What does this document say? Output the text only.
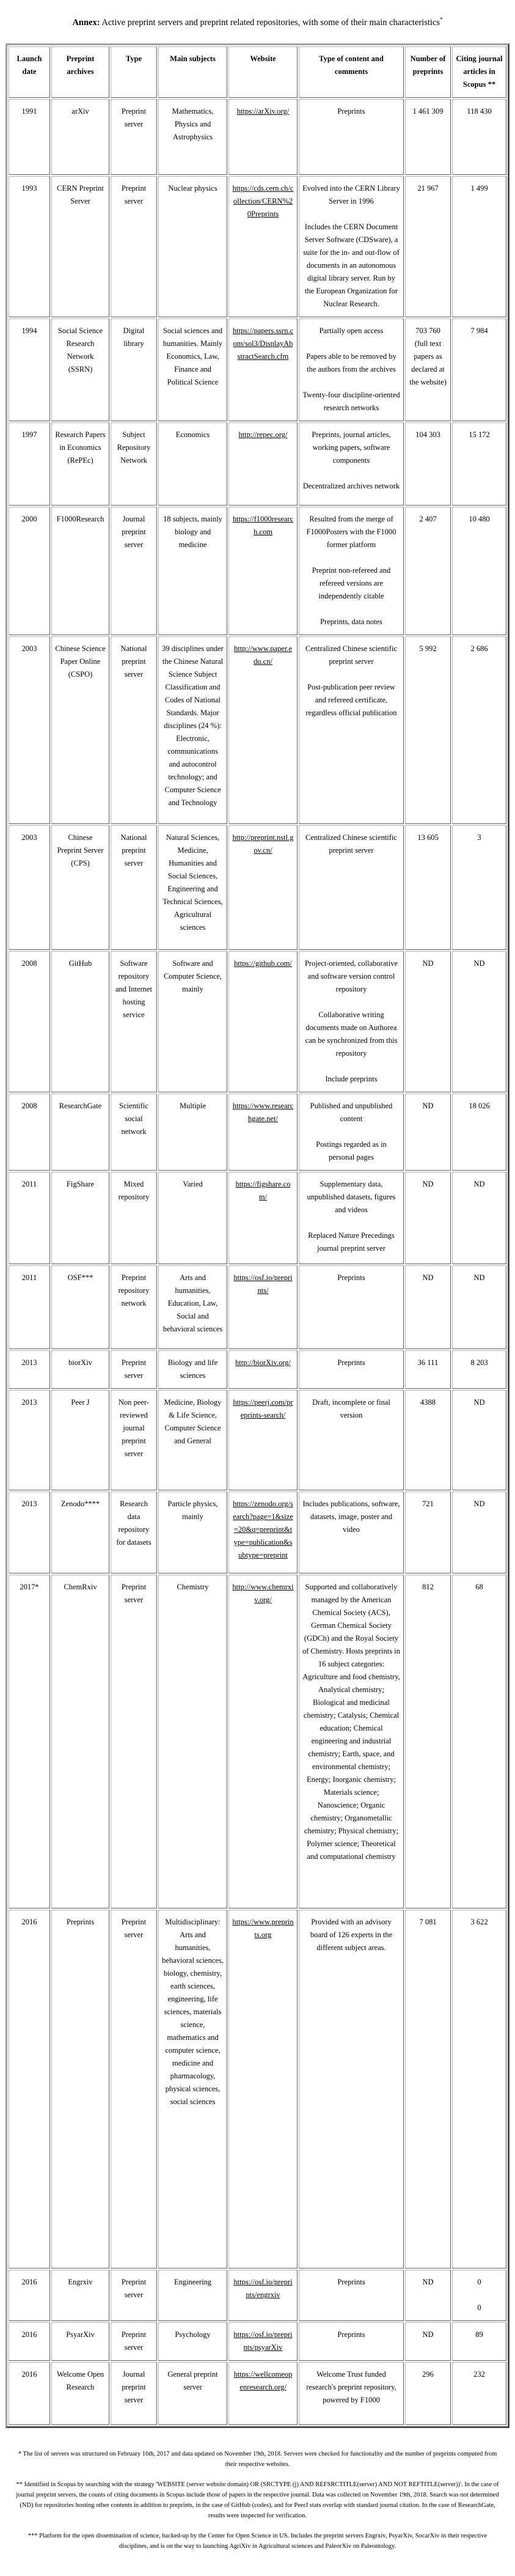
Annex: Active preprint servers and preprint related repositories, with some of their main characteristics*
Launch date	Preprint archives	Type	Main subjects	Website	Type of content and comments	Number of preprints	Citing journal articles in Scopus **
1991	arXiv	Preprint server	Mathematics, Physics and Astrophysics	https://arXiv.org/	Preprints	1 461 309	118 430

1993	CERN Preprint Server	Preprint server	Nuclear physics	https://cds.cern.ch/collection/CERN%20Preprints	Evolved into the CERN Library Server in 1996

Includes the CERN Document Server Software (CDSware), a suite for the in- and out-flow of documents in an autonomous digital library server. Run by the European Organization for Nuclear Research.	21 967	1 499

1994	Social Science Research Network (SSRN)	Digital library	Social sciences and humanities. Mainly Economics, Law, Finance and Political Science	https://papers.ssrn.com/sol3/DisplayAbstractSearch.cfm	Partially open access

Papers able to be removed by the authors from the archives

Twenty-four discipline-oriented research networks	703 760 (full text papers as declared at the website)	7 984

1997	Research Papers in Economics (RePEc)	Subject Repository Network	Economics	http://repec.org/	Preprints, journal articles, working papers, software components

Decentralized archives network	104 303	15 172

2000	F1000Research	Journal preprint server	18 subjects, mainly biology and medicine	https://f1000research.com	Resulted from the merge of F1000Posters with the F1000 former platform

Preprint non-refereed and refereed versions are independently citable

Preprints, data notes	2 407	10 480

2003	Chinese Science Paper Online (CSPO)	National preprint server	39 disciplines under the Chinese Natural Science Subject Classification and Codes of National Standards. Major disciplines (24 %): Electronic, communications and autocontrol technology; and Computer Science and Technology	http://www.paper.edu.cn/	Centralized Chinese scientific preprint server

Post-publication peer review and refereed certificate, regardless official publication	5 992	2 686

2003	Chinese Preprint Server (CPS)	National preprint server	Natural Sciences, Medicine, Humanities and Social Sciences, Engineering and Technical Sciences, Agricultural sciences	http://preprint.nstl.gov.cn/	Centralized Chinese scientific preprint server	13 605	3

2008	GitHub	Software repository and Internet hosting service	Software and Computer Science, mainly	https://github.com/	Project-oriented, collaborative and software version control repository

Collaborative writing documents made on Authorea can be synchronized from this repository

Include preprints	ND	ND

2008	ResearchGate	Scientific social network	Multiple	https://www.researchgate.net/	Published and unpublished content

Postings regarded as in personal pages	ND	18 026

2011	FigShare	Mixed repository	Varied	https://figshare.com/	Supplementary data, unpublished datasets, figures and videos

Replaced Nature Precedings journal preprint server	ND	ND

2011	OSF***	Preprint repository network	Arts and humanities, Education, Law, Social and behavioral sciences	https://osf.io/preprints/	Preprints	ND	ND

2013	biorXiv	Preprint server	Biology and life sciences	http://biorXiv.org/	Preprints	36 111	8 203

2013	Peer J	Non peer-reviewed journal preprint server	Medicine, Biology & Life Science, Computer Science and General	https://peerj.com/preprints-search/	Draft, incomplete or final version	4388	ND

2013	Zenodo****	Research data repository for datasets	Particle physics, mainly	https://zenodo.org/search?page=1&size=20&q=preprint&type=publication&subtype=preprint	Includes publications, software, datasets, image, poster and video	721	ND

2017*	ChemRxiv	Preprint server	Chemistry	http://www.chemrxiv.org/	Supported and collaboratively managed by the American Chemical Society (ACS), German Chemical Society (GDCh) and the Royal Society of Chemistry. Hosts preprints in 16 subject categories: Agriculture and food chemistry, Analytical chemistry; Biological and medicinal chemistry; Catalysis; Chemical education; Chemical engineering and industrial chemistry; Earth, space, and environmental chemistry; Energy; Inorganic chemistry; Materials science; Nanoscience; Organic chemistry; Organometallic chemistry; Physical chemistry; Polymer science; Theoretical and computational chemistry	812	68

2016	Preprints	Preprint server	Multidisciplinary: Arts and humanities, behavioral sciences, biology, chemistry, earth sciences, engineering, life sciences, materials science, mathematics and computer science, medicine and pharmacology, physical sciences, social sciences	https://www.preprints.org	Provided with an advisory board of 126 experts in the different subject areas.	7 081	3 622

2016	Engrxiv	Preprint server	Engineering	https://osf.io/preprints/engrxiv	Preprints	ND	0

0

2016	PsyarXiv	Preprint server	Psychology	https://osf.io/preprints/psyarXiv	Preprints	ND	89

2016	Welcome Open Research	Journal preprint server	General preprint server	https://wellcomeopenresearch.org/	Welcome Trust funded research's preprint repository, powered by F1000	296	232

* The list of servers was structured on February 16th, 2017 and data updated on November 19th, 2018. Servers were checked for functionality and the number of preprints computed from their respective websites.

** Identified in Scopus by searching with the strategy 'WEBSITE (server website domain) OR (SRCTYPE (j) AND REFSRCTITLE(server) AND NOT REFTITLE(server))'. In the case of journal preprint servers, the counts of citing documents in Scopus include those of papers in the respective journal. Data was collected on November 19th, 2018. Search was not determined (ND) for repositories hosting other contents in addition to preprints, in the case of GitHub (codes), and for PeerJ stats overlap with standard journal citation. In the case of ResearchGate, results were inspected for verification.

*** Platform for the open dissemination of science, backed-up by the Center for Open Science in US. Includes the preprint servers Engrxiv, PsyarXiv, SocarXiv in their respective disciplines, and is on the way to launching AgriXiv in Agricultural sciences and PaleorXiv on Paleontology.
